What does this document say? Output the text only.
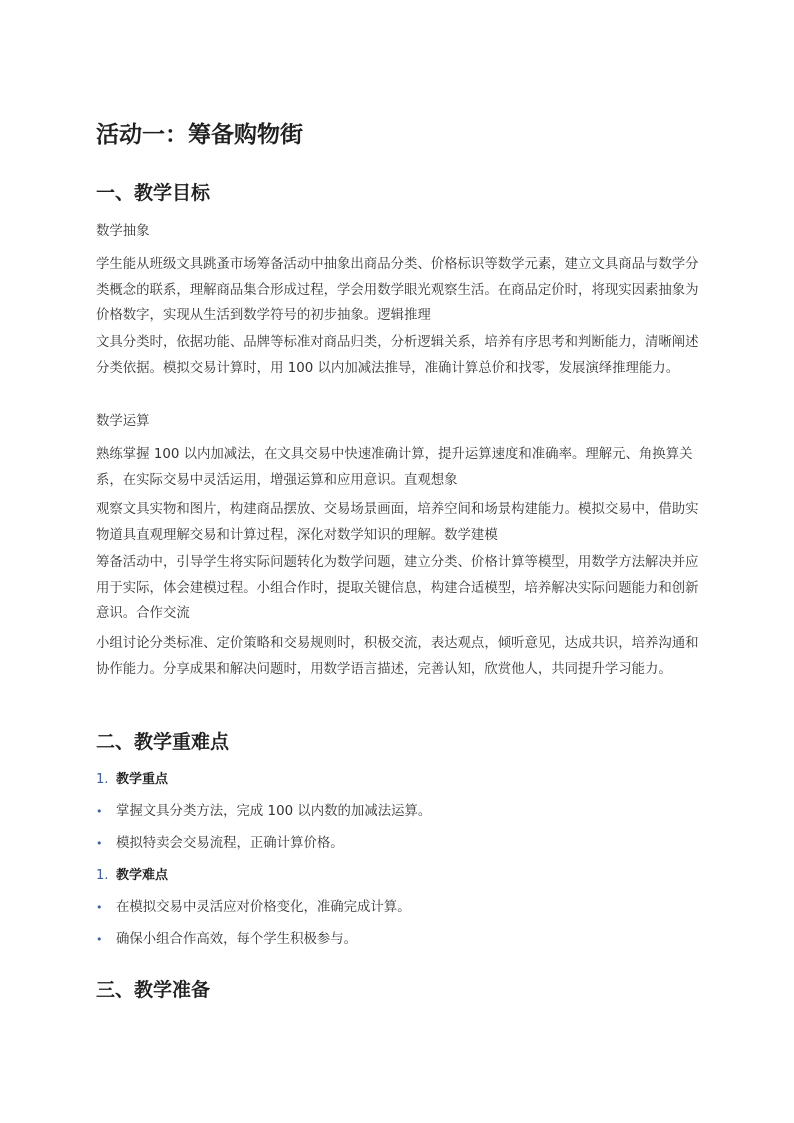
活动一：筹备购物街
一、教学目标

数学抽象

学生能从班级文具跳蚤市场筹备活动中抽象出商品分类、价格标识等数学元素，建立文具商品与数学分类概念的联系，理解商品集合形成过程，学会用数学眼光观察生活。在商品定价时，将现实因素抽象为价格数字，实现从生活到数学符号的初步抽象。逻辑推理

文具分类时，依据功能、品牌等标准对商品归类，分析逻辑关系，培养有序思考和判断能力，清晰阐述分类依据。模拟交易计算时，用 100 以内加减法推导，准确计算总价和找零，发展演绎推理能力。

数学运算

熟练掌握 100 以内加减法，在文具交易中快速准确计算，提升运算速度和准确率。理解元、角换算关系，在实际交易中灵活运用，增强运算和应用意识。直观想象

观察文具实物和图片，构建商品摆放、交易场景画面，培养空间和场景构建能力。模拟交易中，借助实物道具直观理解交易和计算过程，深化对数学知识的理解。数学建模

筹备活动中，引导学生将实际问题转化为数学问题，建立分类、价格计算等模型，用数学方法解决并应用于实际，体会建模过程。小组合作时，提取关键信息，构建合适模型，培养解决实际问题能力和创新意识。合作交流

小组讨论分类标准、定价策略和交易规则时，积极交流，表达观点，倾听意见，达成共识，培养沟通和协作能力。分享成果和解决问题时，用数学语言描述，完善认知，欣赏他人，共同提升学习能力。

二、教学重难点
1. 教学重点
• 掌握文具分类方法，完成 100 以内数的加减法运算。
• 模拟特卖会交易流程，正确计算价格。
1. 教学难点
• 在模拟交易中灵活应对价格变化，准确完成计算。
• 确保小组合作高效，每个学生积极参与。
三、教学准备
